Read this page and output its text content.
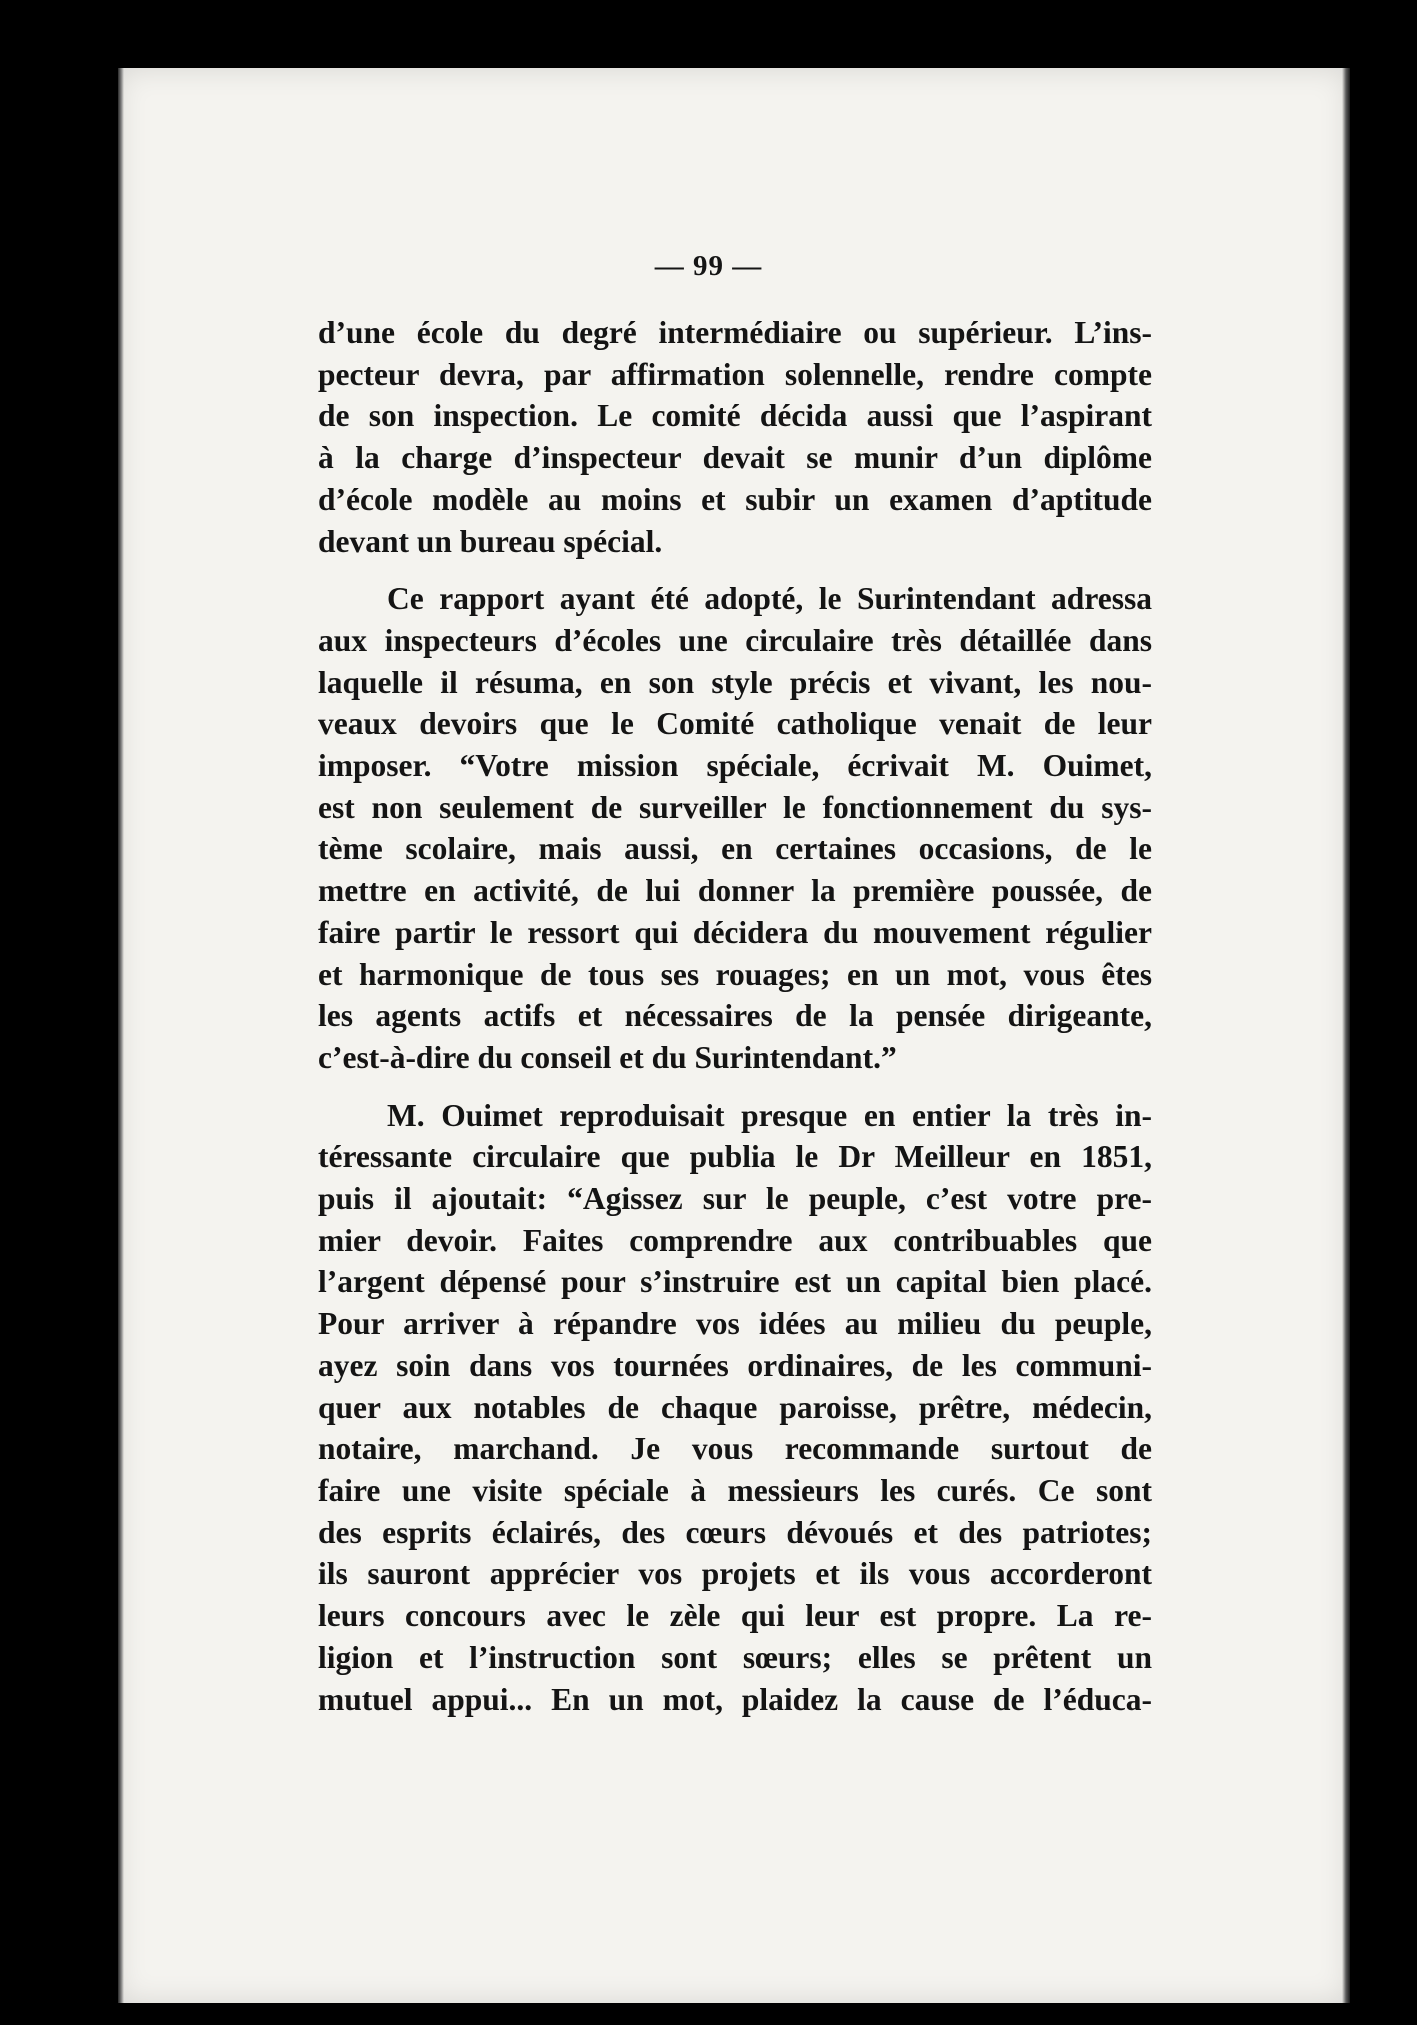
— 99 —

d’une école du degré intermédiaire ou supérieur. L’ins-
pecteur devra, par affirmation solennelle, rendre compte
de son inspection. Le comité décida aussi que l’aspirant
à la charge d’inspecteur devait se munir d’un diplôme
d’école modèle au moins et subir un examen d’aptitude
devant un bureau spécial.

Ce rapport ayant été adopté, le Surintendant adressa
aux inspecteurs d’écoles une circulaire très détaillée dans
laquelle il résuma, en son style précis et vivant, les nou-
veaux devoirs que le Comité catholique venait de leur
imposer. “Votre mission spéciale, écrivait M. Ouimet,
est non seulement de surveiller le fonctionnement du sys-
tème scolaire, mais aussi, en certaines occasions, de le
mettre en activité, de lui donner la première poussée, de
faire partir le ressort qui décidera du mouvement régulier
et harmonique de tous ses rouages; en un mot, vous êtes
les agents actifs et nécessaires de la pensée dirigeante,
c’est-à-dire du conseil et du Surintendant.”

M. Ouimet reproduisait presque en entier la très in-
téressante circulaire que publia le Dr Meilleur en 1851,
puis il ajoutait: “Agissez sur le peuple, c’est votre pre-
mier devoir. Faites comprendre aux contribuables que
l’argent dépensé pour s’instruire est un capital bien placé.
Pour arriver à répandre vos idées au milieu du peuple,
ayez soin dans vos tournées ordinaires, de les communi-
quer aux notables de chaque paroisse, prêtre, médecin,
notaire, marchand. Je vous recommande surtout de
faire une visite spéciale à messieurs les curés. Ce sont
des esprits éclairés, des cœurs dévoués et des patriotes;
ils sauront apprécier vos projets et ils vous accorderont
leurs concours avec le zèle qui leur est propre. La re-
ligion et l’instruction sont sœurs; elles se prêtent un
mutuel appui... En un mot, plaidez la cause de l’éduca-
